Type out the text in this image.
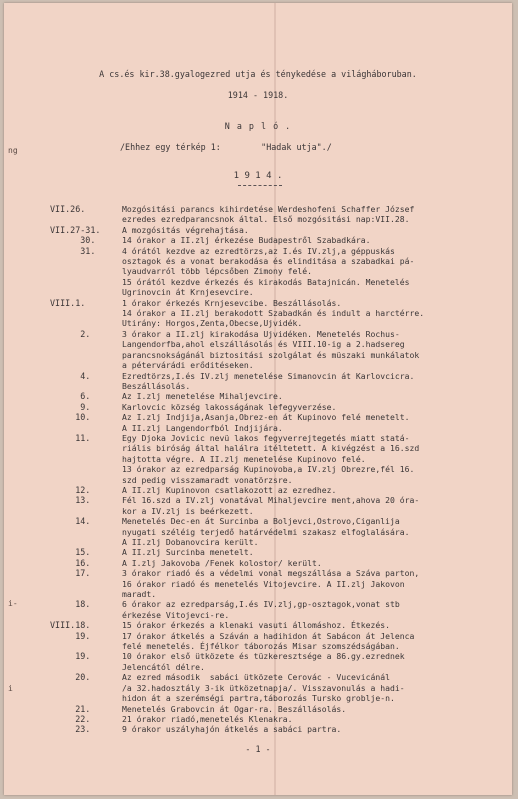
ng
i-
i
A cs.és kir.38.gyalogezred utja és ténykedése a világháboruban.
1914 - 1918.
N a p l ó .
/Ehhez egy térkép 1:        "Hadak utja"./
1 9 1 4 .
VII.26.	Mozgósitási parancs kihirdetése Werdeshofeni Schaffer József
ezredes ezredparancsnok által. Első mozgósitási nap:VII.28.
VII.27-31.	A mozgósitás végrehajtása.
30.	14 órakor a II.zlj érkezése Budapestről Szabadkára.
31.	4 órától kezdve az ezredtörzs,az I.és IV.zlj,a géppuskás
osztagok és a vonat berakodása és elinditása a szabadkai pá-
lyaudvarról több lépcsőben Zimony felé.
15 órától kezdve érkezés és kirakodás Batajnicán. Menetelés
Ugrinovcin át Krnjesevcire.
VIII.1.	1 órakor érkezés Krnjesevcibe. Beszállásolás.
14 órakor a II.zlj berakodott Szabadkán és indult a harctérre.
Utirány: Horgos,Zenta,Obecse,Ujvidék.
2.	3 órakor a II.zlj kirakodása Ujvidéken. Menetelés Rochus-
Langendorfba,ahol elszállásolás és VIII.10-ig a 2.hadsereg
parancsnokságánál biztositási szolgálat és müszaki munkálatok
a pétervárádi erőditéseken.
4.	Ezredtörzs,I.és IV.zlj menetelése Simanovcin át Karlovcicra.
Beszállásolás.
6.	Az I.zlj menetelése Mihaljevcire.
9.	Karlovcic község lakosságának lefegyverzése.
10.	Az I.zlj Indjija,Asanja,Obrez-en át Kupinovo felé menetelt.
A II.zlj Langendorfból Indjijára.
11.	Egy Djoka Jovicic nevü lakos fegyverrejtegetés miatt statá-
riális biróság által halálra itéltetett. A kivégzést a 16.szd
hajtotta végre. A II.zlj menetelése Kupinovo felé.
13 órakor az ezredparság Kupinovoba,a IV.zlj Obrezre,fél 16.
szd pedig visszamaradt vonatörzsre.
12.	A II.zlj Kupinovon csatlakozott az ezredhez.
13.	Fél 16.szd a IV.zlj vonatával Mihaljevcire ment,ahova 20 óra-
kor a IV.zlj is beérkezett.
14.	Menetelés Dec-en át Surcinba a Boljevci,Ostrovo,Ciganlija
nyugati széléig terjedő határvédelmi szakasz elfoglalására.
A II.zlj Dobanovcira került.
15.	A II.zlj Surcinba menetelt.
16.	A I.zlj Jakovoba /Fenek kolostor/ került.
17.	3 órakor riadó és a védelmi vonal megszállása a Száva parton,
16 órakor riadó és menetelés Vitojevcire. A II.zlj Jakovon
maradt.
18.	6 órakor az ezredparság,I.és IV.zlj,gp-osztagok,vonat stb
érkezése Vitojevci-re.
VIII.18.	15 órakor érkezés a klenaki vasuti állomáshoz. Étkezés.
19.	17 órakor átkelés a Száván a hadihidon át Sabácon át Jelenca
felé menetelés. Éjfélkor táborozás Misar szomszédságában.
19.	10 órakor első ütközete és tüzkeresztsége a 86.gy.ezrednek
Jelencától délre.
20.	Az ezred második  sabáci ütközete Cerovác - Vucevicánál
/a 32.hadosztály 3-ik ütközetnapja/. Visszavonulás a hadi-
hidon át a szerémségi partra,táborozás Tursko groblje-n.
21.	Menetelés Grabovcin át Ogar-ra. Beszállásolás.
22.	21 órakor riadó,menetelés Klenakra.
23.	9 órakor uszályhajón átkelés a sabáci partra.
- 1 -
